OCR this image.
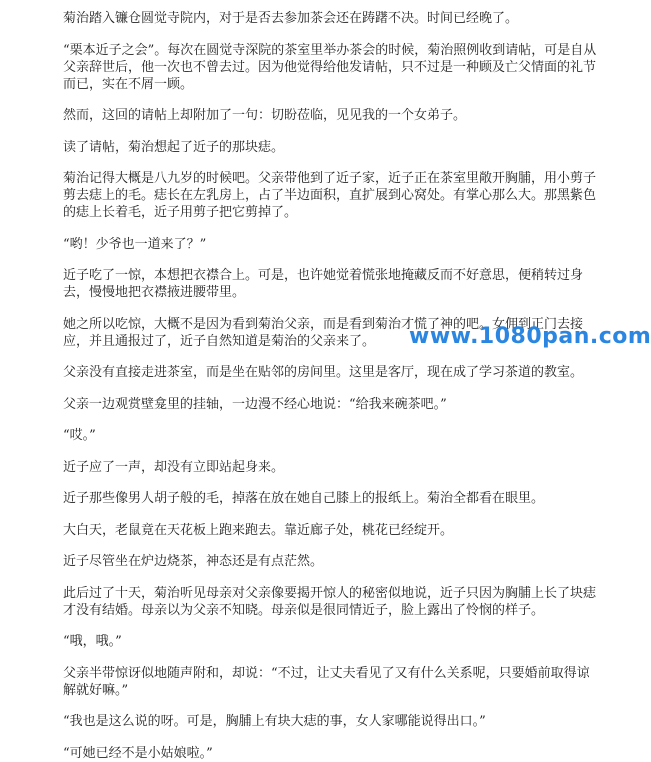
菊治踏入镰仓圆觉寺院内，对于是否去参加茶会还在踌躇不决。时间已经晚了。

“栗本近子之会”。每次在圆觉寺深院的茶室里举办茶会的时候，菊治照例收到请帖，可是自从父亲辞世后，他一次也不曾去过。因为他觉得给他发请帖，只不过是一种顾及亡父情面的礼节而已，实在不屑一顾。

然而，这回的请帖上却附加了一句：切盼莅临，见见我的一个女弟子。

读了请帖，菊治想起了近子的那块痣。

菊治记得大概是八九岁的时候吧。父亲带他到了近子家，近子正在茶室里敞开胸脯，用小剪子剪去痣上的毛。痣长在左乳房上，占了半边面积，直扩展到心窝处。有掌心那么大。那黑紫色的痣上长着毛，近子用剪子把它剪掉了。

“哟！少爷也一道来了？”

近子吃了一惊，本想把衣襟合上。可是，也许她觉着慌张地掩藏反而不好意思，便稍转过身去，慢慢地把衣襟掖进腰带里。

她之所以吃惊，大概不是因为看到菊治父亲，而是看到菊治才慌了神的吧。女佣到正门去接应，并且通报过了，近子自然知道是菊治的父亲来了。

父亲没有直接走进茶室，而是坐在贴邻的房间里。这里是客厅，现在成了学习茶道的教室。

父亲一边观赏壁龛里的挂轴，一边漫不经心地说：“给我来碗茶吧。”

“哎。”

近子应了一声，却没有立即站起身来。

近子那些像男人胡子般的毛，掉落在放在她自己膝上的报纸上。菊治全都看在眼里。

大白天，老鼠竟在天花板上跑来跑去。靠近廊子处，桃花已经绽开。

近子尽管坐在炉边烧茶，神态还是有点茫然。

此后过了十天，菊治听见母亲对父亲像要揭开惊人的秘密似地说，近子只因为胸脯上长了块痣才没有结婚。母亲以为父亲不知晓。母亲似是很同情近子，脸上露出了怜悯的样子。

“哦，哦。”

父亲半带惊讶似地随声附和，却说：“不过，让丈夫看见了又有什么关系呢，只要婚前取得谅解就好嘛。”

“我也是这么说的呀。可是，胸脯上有块大痣的事，女人家哪能说得出口。”

“可她已经不是小姑娘啦。”

www.1080pan.com
